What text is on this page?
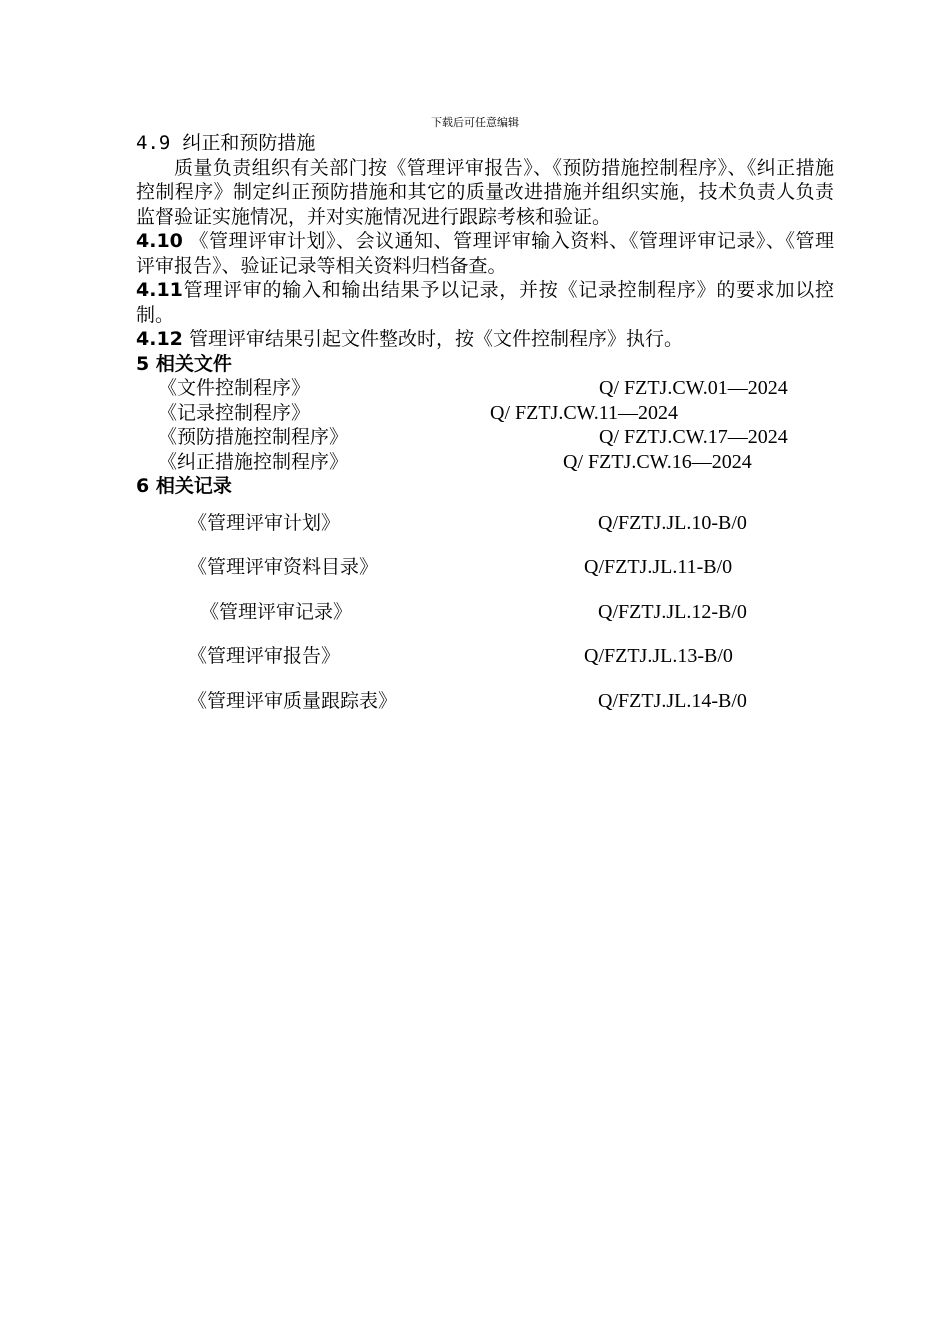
下载后可任意编辑

4.9 纠正和预防措施

质量负责组织有关部门按《管理评审报告》、《预防措施控制程序》、《纠正措施控制程序》制定纠正预防措施和其它的质量改进措施并组织实施，技术负责人负责监督验证实施情况，并对实施情况进行跟踪考核和验证。

4.10 《管理评审计划》、会议通知、管理评审输入资料、《管理评审记录》、《管理评审报告》、验证记录等相关资料归档备查。

4.11管理评审的输入和输出结果予以记录，并按《记录控制程序》的要求加以控制。

4.12 管理评审结果引起文件整改时，按《文件控制程序》执行。

5 相关文件

《文件控制程序》	Q/ FZTJ.CW.01—2024
《记录控制程序》	Q/ FZTJ.CW.11—2024
《预防措施控制程序》	Q/ FZTJ.CW.17—2024
《纠正措施控制程序》	Q/ FZTJ.CW.16—2024

6 相关记录

《管理评审计划》	Q/FZTJ.JL.10-B/0
《管理评审资料目录》	Q/FZTJ.JL.11-B/0
《管理评审记录》	Q/FZTJ.JL.12-B/0
《管理评审报告》	Q/FZTJ.JL.13-B/0
《管理评审质量跟踪表》	Q/FZTJ.JL.14-B/0
